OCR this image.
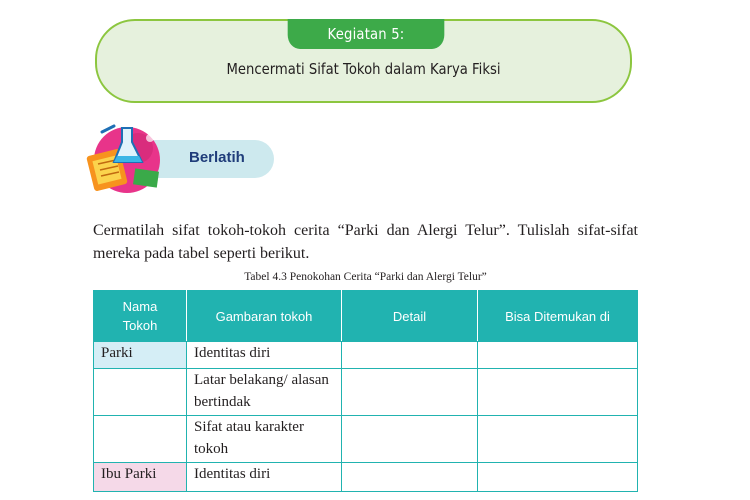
Kegiatan 5:
Mencermati Sifat Tokoh dalam Karya Fiksi
Berlatih
Cermatilah sifat tokoh-tokoh cerita “Parki dan Alergi Telur”. Tulislah sifat-sifat mereka pada tabel seperti berikut.
Tabel 4.3 Penokohan Cerita “Parki dan Alergi Telur”
Nama Tokoh	Gambaran tokoh	Detail	Bisa Ditemukan di
Parki	Identitas diri		
	Latar belakang/ alasan bertindak		
	Sifat atau karakter tokoh		
Ibu Parki	Identitas diri		
